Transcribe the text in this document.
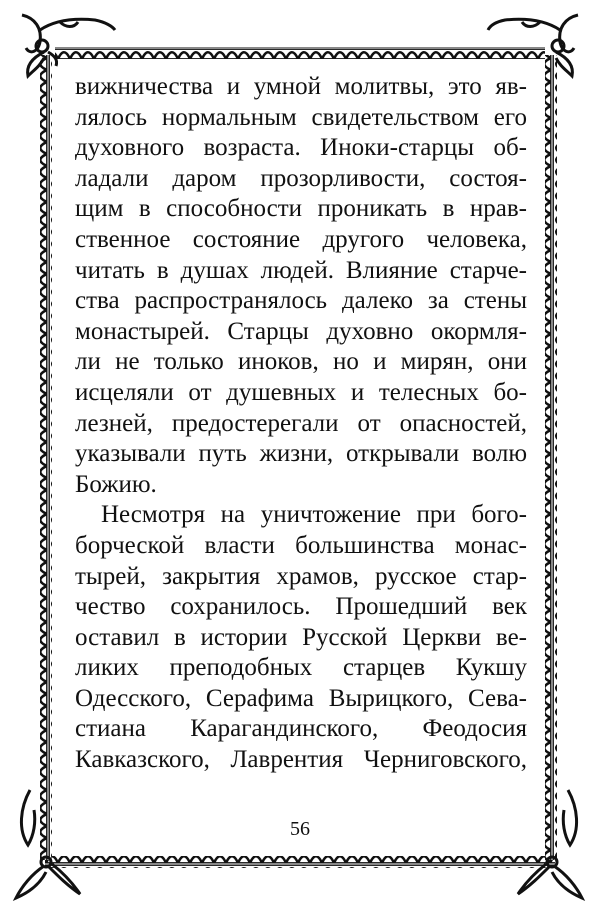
вижничества и умной молитвы, это яв-
лялось нормальным свидетельством его
духовного возраста. Иноки-старцы об-
ладали даром прозорливости, состоя-
щим в способности проникать в нрав-
ственное состояние другого человека,
читать в душах людей. Влияние старче-
ства распространялось далеко за стены
монастырей. Старцы духовно окормля-
ли не только иноков, но и мирян, они
исцеляли от душевных и телесных бо-
лезней, предостерегали от опасностей,
указывали путь жизни, открывали волю
Божию.
Несмотря на уничтожение при бого-
борческой власти большинства монас-
тырей, закрытия храмов, русское стар-
чество сохранилось. Прошедший век
оставил в истории Русской Церкви ве-
ликих преподобных старцев Кукшу
Одесского, Серафима Вырицкого, Сева-
стиана Карагандинского, Феодосия
Кавказского, Лаврентия Черниговского,
56
